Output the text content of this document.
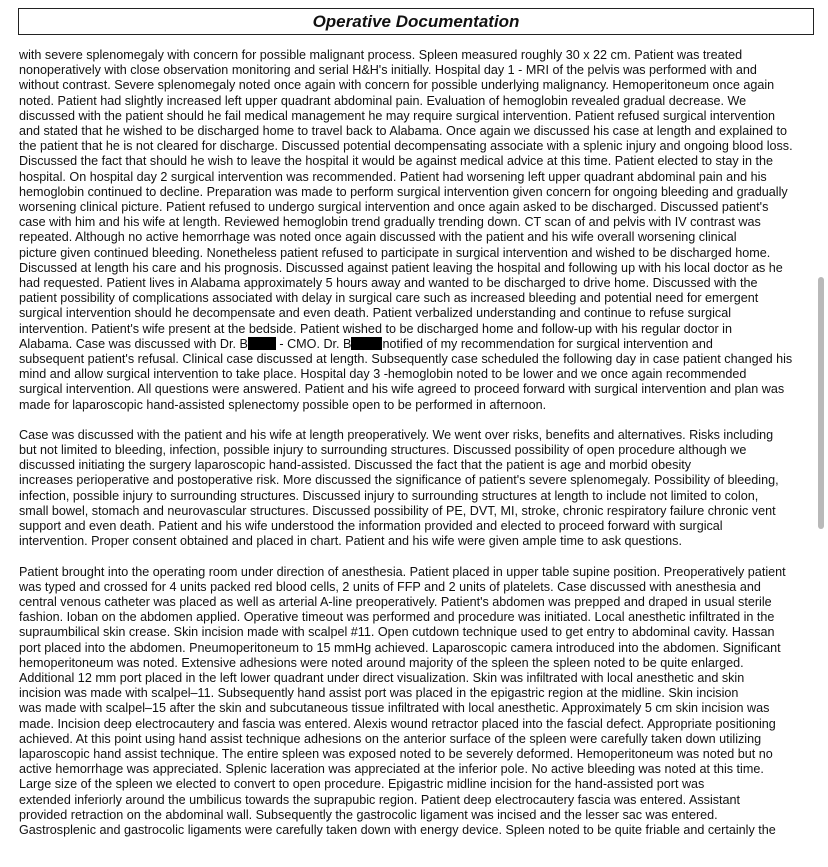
Operative Documentation
with severe splenomegaly with concern for possible malignant process. Spleen measured roughly 30 x 22 cm. Patient was treated
nonoperatively with close observation monitoring and serial H&H's initially. Hospital day 1 - MRI of the pelvis was performed with and
without contrast. Severe splenomegaly noted once again with concern for possible underlying malignancy. Hemoperitoneum once again
noted. Patient had slightly increased left upper quadrant abdominal pain. Evaluation of hemoglobin revealed gradual decrease. We
discussed with the patient should he fail medical management he may require surgical intervention. Patient refused surgical intervention
and stated that he wished to be discharged home to travel back to Alabama. Once again we discussed his case at length and explained to
the patient that he is not cleared for discharge. Discussed potential decompensating associate with a splenic injury and ongoing blood loss.
Discussed the fact that should he wish to leave the hospital it would be against medical advice at this time. Patient elected to stay in the
hospital. On hospital day 2 surgical intervention was recommended. Patient had worsening left upper quadrant abdominal pain and his
hemoglobin continued to decline. Preparation was made to perform surgical intervention given concern for ongoing bleeding and gradually
worsening clinical picture. Patient refused to undergo surgical intervention and once again asked to be discharged. Discussed patient's
case with him and his wife at length. Reviewed hemoglobin trend gradually trending down. CT scan of and pelvis with IV contrast was
repeated. Although no active hemorrhage was noted once again discussed with the patient and his wife overall worsening clinical
picture given continued bleeding. Nonetheless patient refused to participate in surgical intervention and wished to be discharged home.
Discussed at length his care and his prognosis. Discussed against patient leaving the hospital and following up with his local doctor as he
had requested. Patient lives in Alabama approximately 5 hours away and wanted to be discharged to drive home. Discussed with the
patient possibility of complications associated with delay in surgical care such as increased bleeding and potential need for emergent
surgical intervention should he decompensate and even death. Patient verbalized understanding and continue to refuse surgical
intervention. Patient's wife present at the bedside. Patient wished to be discharged home and follow-up with his regular doctor in
Alabama. Case was discussed with Dr. B - CMO. Dr. B notified of my recommendation for surgical intervention and
subsequent patient's refusal. Clinical case discussed at length. Subsequently case scheduled the following day in case patient changed his
mind and allow surgical intervention to take place. Hospital day 3 -hemoglobin noted to be lower and we once again recommended
surgical intervention. All questions were answered. Patient and his wife agreed to proceed forward with surgical intervention and plan was
made for laparoscopic hand-assisted splenectomy possible open to be performed in afternoon.
Case was discussed with the patient and his wife at length preoperatively. We went over risks, benefits and alternatives. Risks including
but not limited to bleeding, infection, possible injury to surrounding structures. Discussed possibility of open procedure although we
discussed initiating the surgery laparoscopic hand-assisted. Discussed the fact that the patient is age and morbid obesity
increases perioperative and postoperative risk. More discussed the significance of patient's severe splenomegaly. Possibility of bleeding,
infection, possible injury to surrounding structures. Discussed injury to surrounding structures at length to include not limited to colon,
small bowel, stomach and neurovascular structures. Discussed possibility of PE, DVT, MI, stroke, chronic respiratory failure chronic vent
support and even death. Patient and his wife understood the information provided and elected to proceed forward with surgical
intervention. Proper consent obtained and placed in chart. Patient and his wife were given ample time to ask questions.
Patient brought into the operating room under direction of anesthesia. Patient placed in upper table supine position. Preoperatively patient
was typed and crossed for 4 units packed red blood cells, 2 units of FFP and 2 units of platelets. Case discussed with anesthesia and
central venous catheter was placed as well as arterial A-line preoperatively. Patient's abdomen was prepped and draped in usual sterile
fashion. Ioban on the abdomen applied. Operative timeout was performed and procedure was initiated. Local anesthetic infiltrated in the
supraumbilical skin crease. Skin incision made with scalpel #11. Open cutdown technique used to get entry to abdominal cavity. Hassan
port placed into the abdomen. Pneumoperitoneum to 15 mmHg achieved. Laparoscopic camera introduced into the abdomen. Significant
hemoperitoneum was noted. Extensive adhesions were noted around majority of the spleen the spleen noted to be quite enlarged.
Additional 12 mm port placed in the left lower quadrant under direct visualization. Skin was infiltrated with local anesthetic and skin
incision was made with scalpel–11. Subsequently hand assist port was placed in the epigastric region at the midline. Skin incision
was made with scalpel–15 after the skin and subcutaneous tissue infiltrated with local anesthetic. Approximately 5 cm skin incision was
made. Incision deep electrocautery and fascia was entered. Alexis wound retractor placed into the fascial defect. Appropriate positioning
achieved. At this point using hand assist technique adhesions on the anterior surface of the spleen were carefully taken down utilizing
laparoscopic hand assist technique. The entire spleen was exposed noted to be severely deformed. Hemoperitoneum was noted but no
active hemorrhage was appreciated. Splenic laceration was appreciated at the inferior pole. No active bleeding was noted at this time.
Large size of the spleen we elected to convert to open procedure. Epigastric midline incision for the hand-assisted port was
extended inferiorly around the umbilicus towards the suprapubic region. Patient deep electrocautery fascia was entered. Assistant
provided retraction on the abdominal wall. Subsequently the gastrocolic ligament was incised and the lesser sac was entered.
Gastrosplenic and gastrocolic ligaments were carefully taken down with energy device. Spleen noted to be quite friable and certainly the
